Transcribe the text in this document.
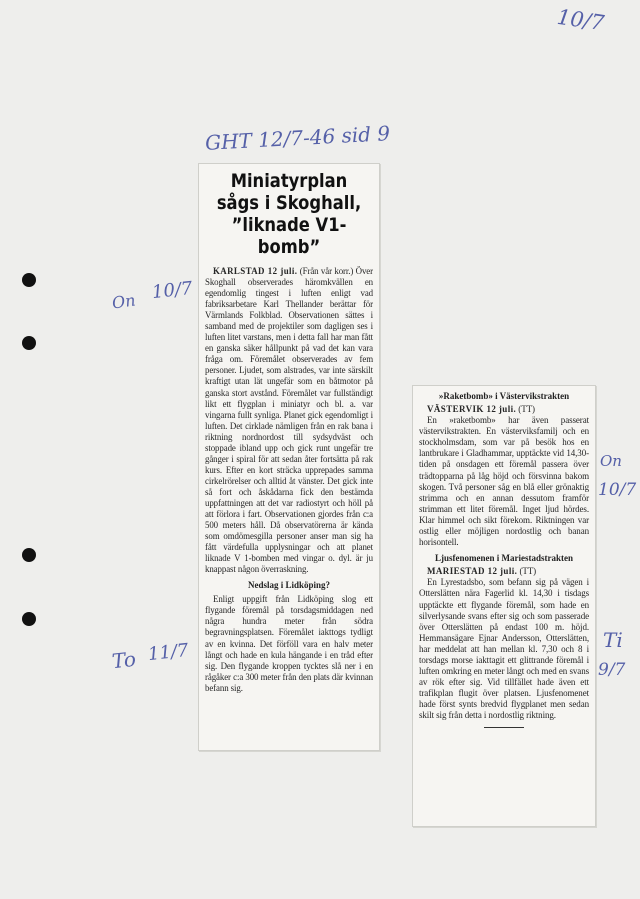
10/7
GHT 12/7-46 sid 9
On 10/7
On
10/7
To 11/7	Ti
9/7
Miniatyrplan
sågs i Skoghall,
”liknade V1-bomb”

KARLSTAD 12 juli. (Från vår korr.) Över Skoghall observerades häromkvällen en egendomlig tingest i luften enligt vad fabriksarbetare Karl Thellander berättar för Värmlands Folkblad. Observationen sättes i samband med de projektiler som dagligen ses i luften litet varstans, men i detta fall har man fått en ganska säker hållpunkt på vad det kan vara fråga om. Föremålet observerades av fem personer. Ljudet, som alstrades, var inte särskilt kraftigt utan lät ungefär som en båtmotor på ganska stort avstånd. Föremålet var fullständigt likt ett flygplan i miniatyr och bl. a. var vingarna fullt synliga. Planet gick egendomligt i luften. Det cirklade nämligen från en rak bana i riktning nordnordost till sydsydväst och stoppade ibland upp och gick runt ungefär tre gånger i spiral för att sedan åter fortsätta på rak kurs. Efter en kort sträcka upprepades samma cirkelrörelser och alltid åt vänster. Det gick inte så fort och åskådarna fick den bestämda uppfattningen att det var radiostyrt och höll på att förlora i fart. Observationen gjordes från c:a 500 meters håll. Då observatörerna är kända som omdömesgilla personer anser man sig ha fått värdefulla upplysningar och att planet liknade V 1-bomben med vingar o. dyl. är ju knappast någon överraskning.

Nedslag i Lidköping?

Enligt uppgift från Lidköping slog ett flygande föremål på torsdagsmiddagen ned några hundra meter från södra begravningsplatsen. Föremålet iakttogs tydligt av en kvinna. Det förföll vara en halv meter långt och hade en kula hängande i en tråd efter sig. Den flygande kroppen tycktes slå ner i en rågåker c:a 300 meter från den plats där kvinnan befann sig.

»Raketbomb» i Västervikstrakten

VÄSTERVIK 12 juli. (TT)

En »raketbomb» har även passerat västervikstrakten. En västerviksfamilj och en stockholmsdam, som var på besök hos en lantbrukare i Gladhammar, upptäckte vid 14,30-tiden på onsdagen ett föremål passera över trädtopparna på låg höjd och försvinna bakom skogen. Två personer såg en blå eller grönaktig strimma och en annan dessutom framför strimman ett litet föremål. Inget ljud hördes. Klar himmel och sikt förekom. Riktningen var ostlig eller möjligen nordostlig och banan horisontell.

Ljusfenomenen i Mariestadstrakten

MARIESTAD 12 juli. (TT)

En Lyrestadsbo, som befann sig på vägen i Otterslätten nära Fagerlid kl. 14,30 i tisdags upptäckte ett flygande föremål, som hade en silverlysande svans efter sig och som passerade över Otterslätten på endast 100 m. höjd. Hemmansägare Ejnar Andersson, Otterslätten, har meddelat att han mellan kl. 7,30 och 8 i torsdags morse iakttagit ett glittrande föremål i luften omkring en meter långt och med en svans av rök efter sig. Vid tillfället hade även ett trafikplan flugit över platsen. Ljusfenomenet hade först synts bredvid flygplanet men sedan skilt sig från detta i nordostlig riktning.
